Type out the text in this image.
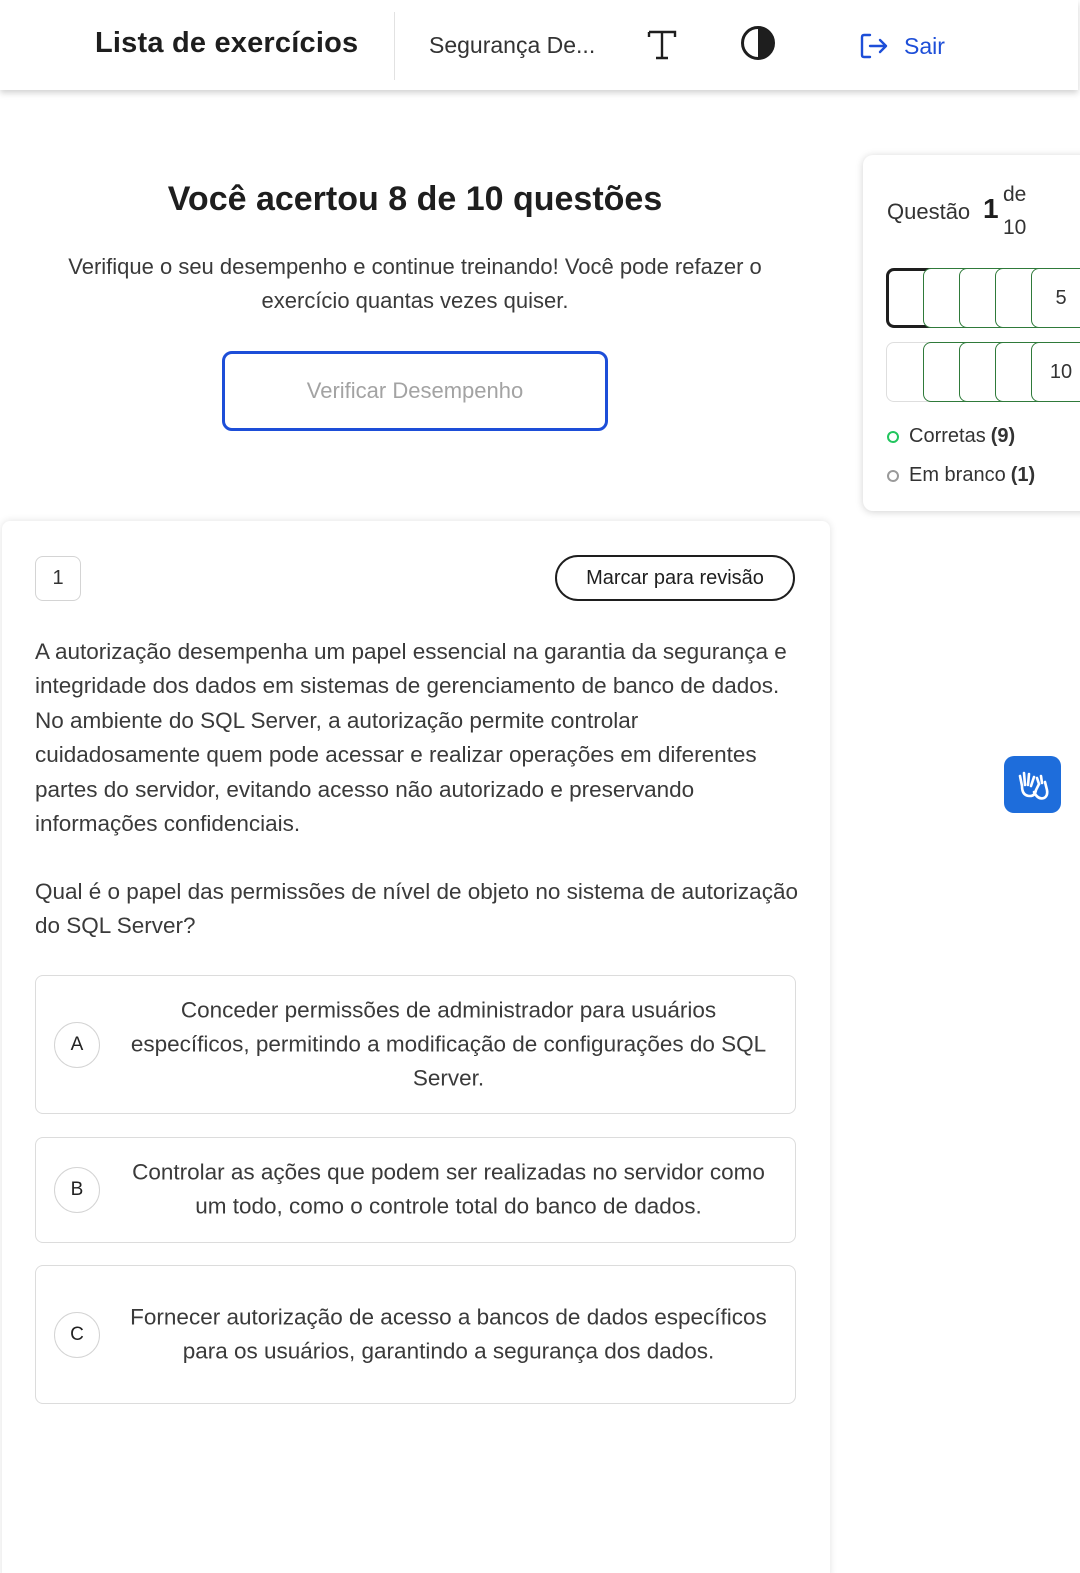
Lista de exercícios	Segurança De...	Sair
Você acertou 8 de 10 questões
Verifique o seu desempenho e continue treinando! Você pode refazer o exercício quantas vezes quiser.
Verificar Desempenho
1	Marcar para revisão
A autorização desempenha um papel essencial na garantia da segurança e integridade dos dados em sistemas de gerenciamento de banco de dados. No ambiente do SQL Server, a autorização permite controlar cuidadosamente quem pode acessar e realizar operações em diferentes partes do servidor, evitando acesso não autorizado e preservando informações confidenciais.
Qual é o papel das permissões de nível de objeto no sistema de autorização do SQL Server?
A
Conceder permissões de administrador para usuários específicos, permitindo a modificação de configurações do SQL Server.
B
Controlar as ações que podem ser realizadas no servidor como um todo, como o controle total do banco de dados.
C
Fornecer autorização de acesso a bancos de dados específicos para os usuários, garantindo a segurança dos dados.
Questão 1 de
10
5
10
Corretas (9)
Em branco (1)
